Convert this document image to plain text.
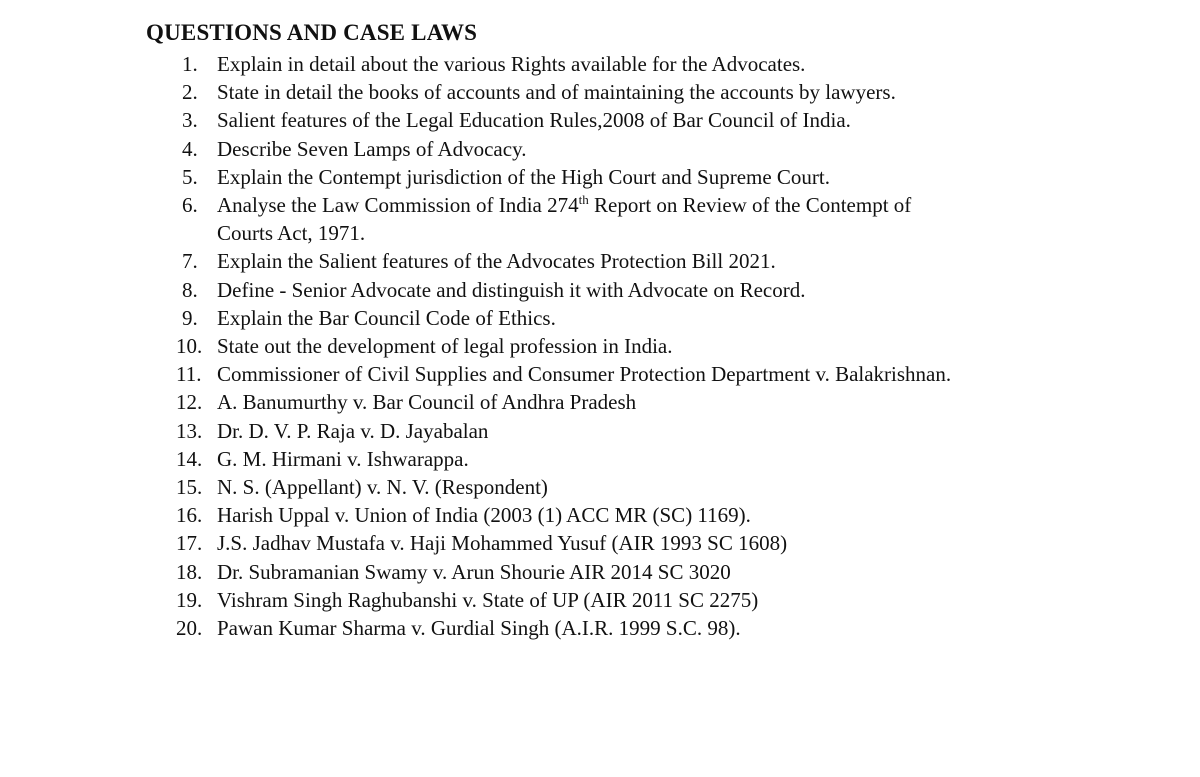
QUESTIONS AND CASE LAWS
1. Explain in detail about the various Rights available for the Advocates.
2. State in detail the books of accounts and of maintaining the accounts by lawyers.
3. Salient features of the Legal Education Rules,2008 of Bar Council of India.
4. Describe Seven Lamps of Advocacy.
5. Explain the Contempt jurisdiction of the High Court and Supreme Court.
6. Analyse the Law Commission of India 274th Report on Review of the Contempt of
Courts Act, 1971.
7. Explain the Salient features of the Advocates Protection Bill 2021.
8. Define - Senior Advocate and distinguish it with Advocate on Record.
9. Explain the Bar Council Code of Ethics.
10. State out the development of legal profession in India.
11. Commissioner of Civil Supplies and Consumer Protection Department v. Balakrishnan.
12. A. Banumurthy v. Bar Council of Andhra Pradesh
13. Dr. D. V. P. Raja v. D. Jayabalan
14. G. M. Hirmani v. Ishwarappa.
15. N. S. (Appellant) v. N. V. (Respondent)
16. Harish Uppal v. Union of India (2003 (1) ACC MR (SC) 1169).
17. J.S. Jadhav Mustafa v. Haji Mohammed Yusuf (AIR 1993 SC 1608)
18. Dr. Subramanian Swamy v. Arun Shourie AIR 2014 SC 3020
19. Vishram Singh Raghubanshi v. State of UP (AIR 2011 SC 2275)
20. Pawan Kumar Sharma v. Gurdial Singh (A.I.R. 1999 S.C. 98).
